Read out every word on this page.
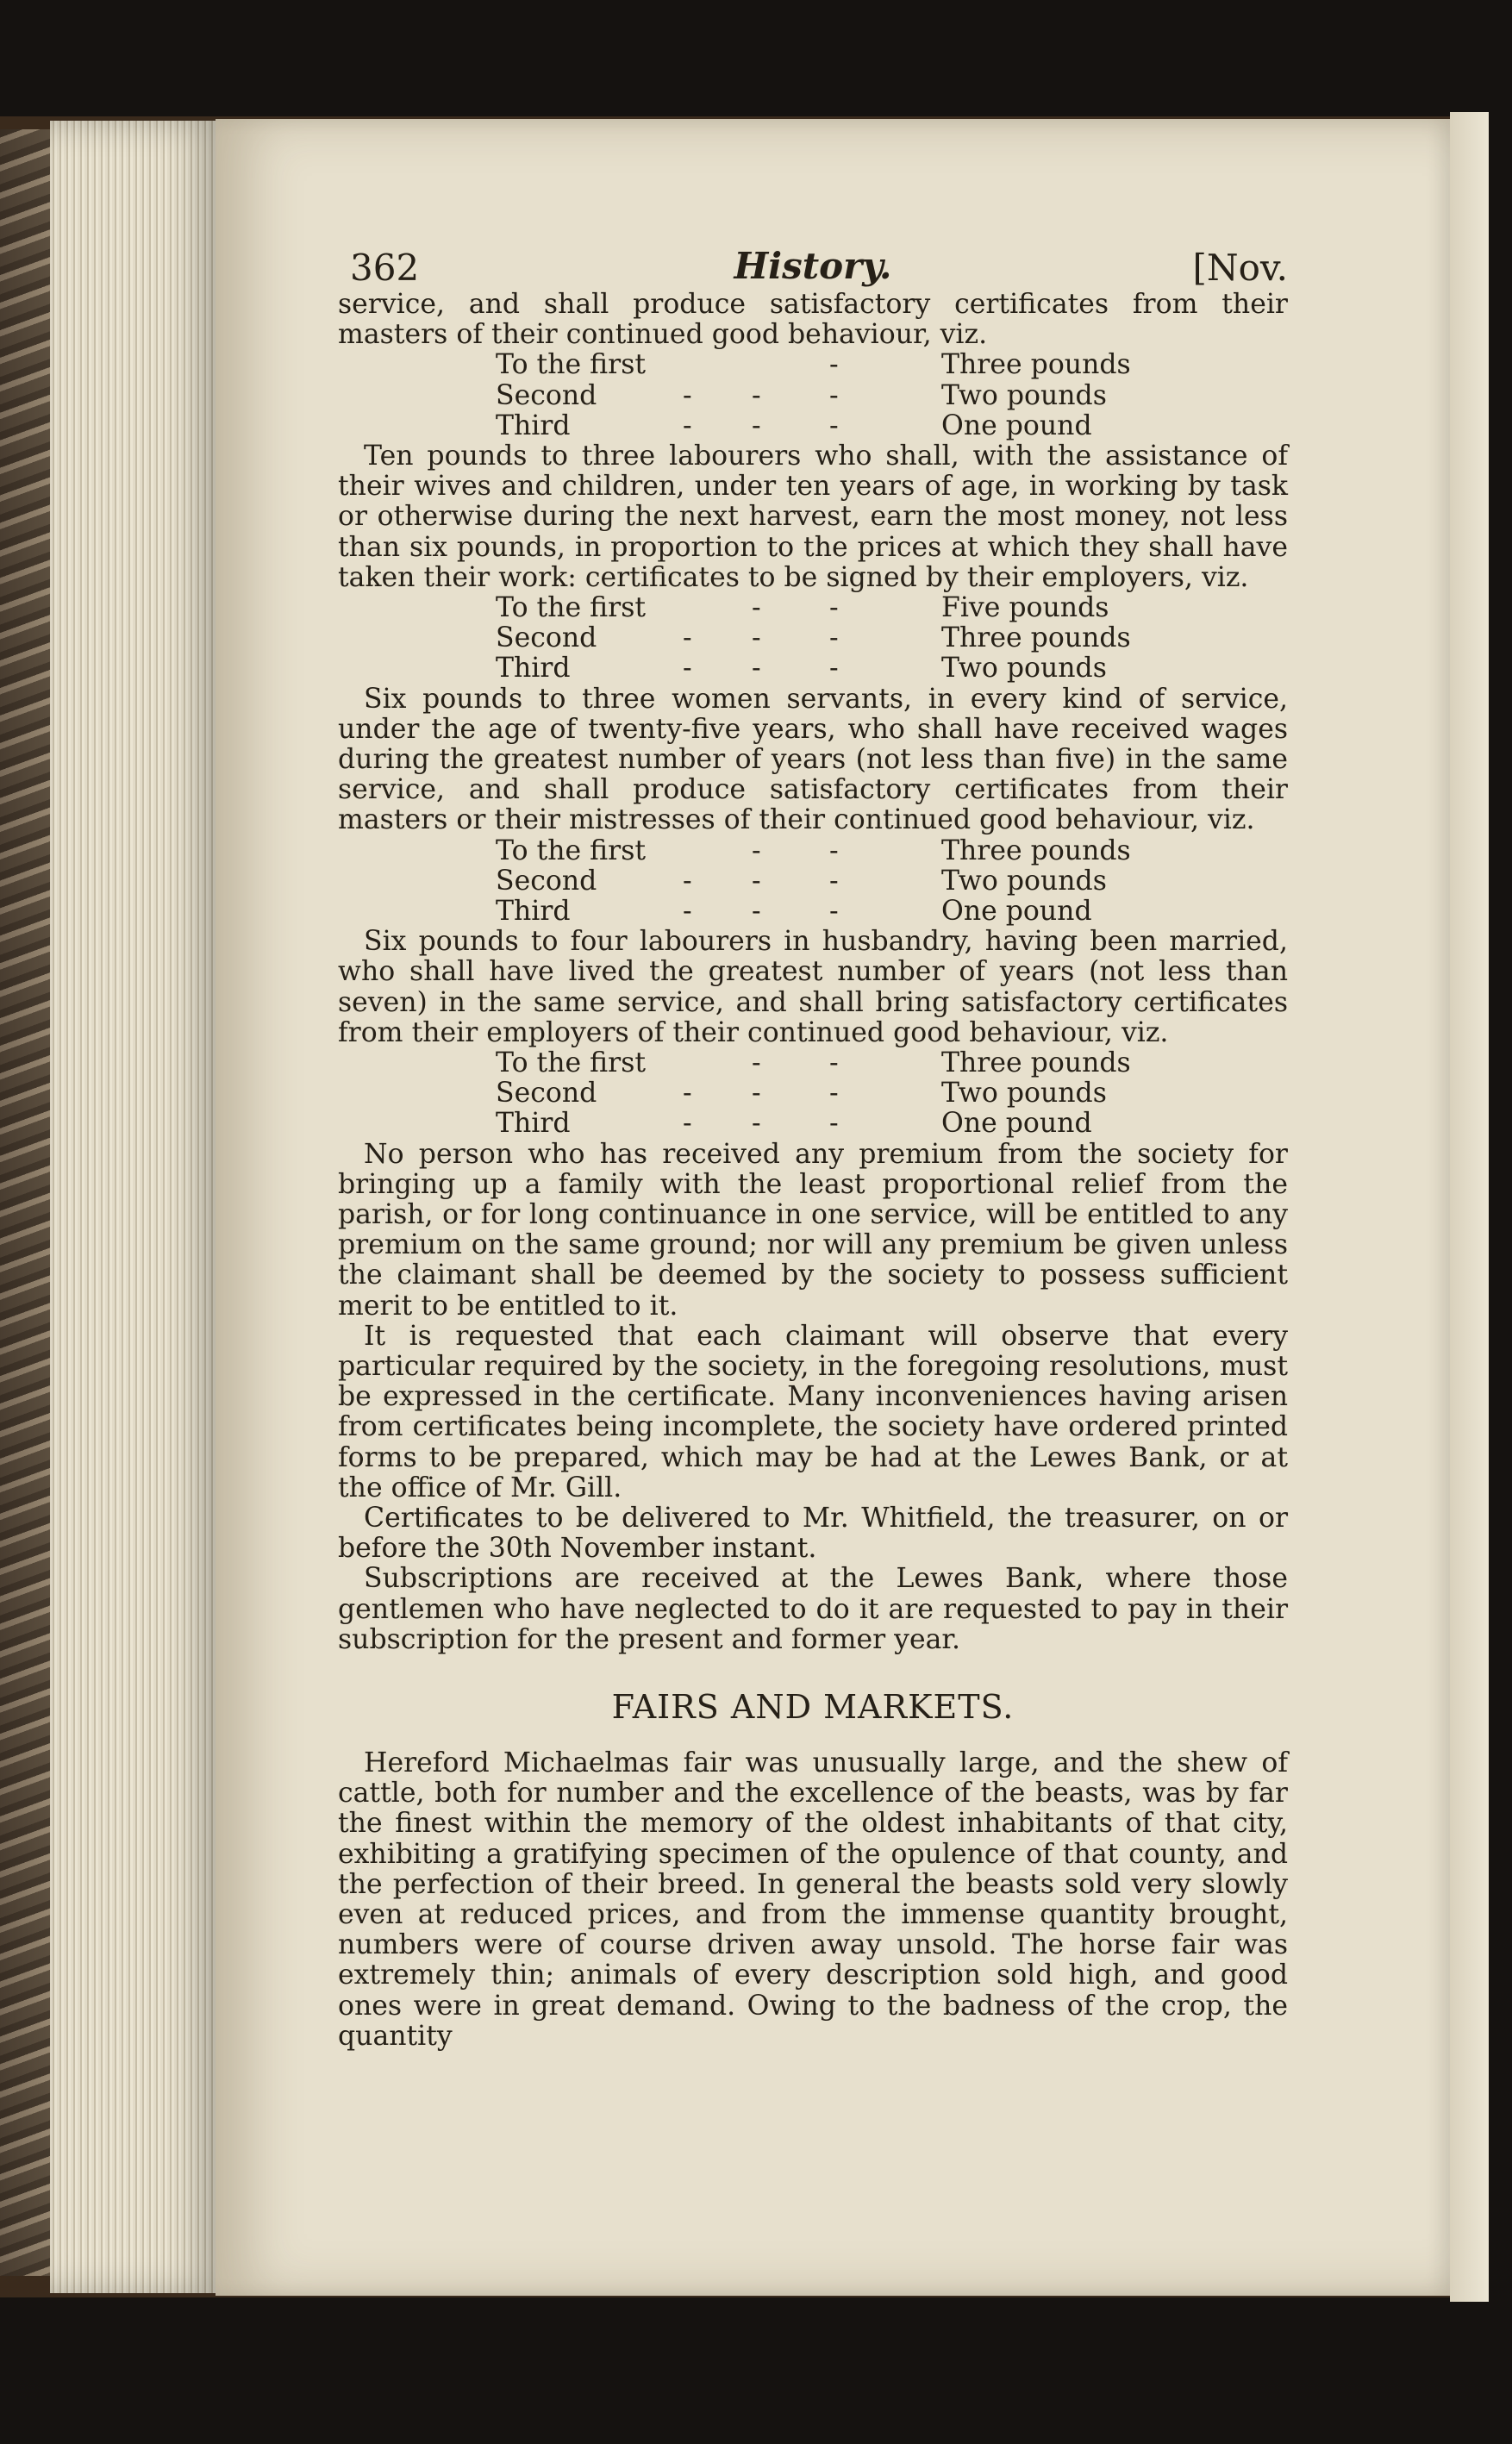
362	History.	[Nov.

service, and shall produce satisfactory certificates from their masters of their continued good behaviour, viz.

To the first	-	Three pounds
Second	- -	-	Two pounds
Third	- -	-	One pound

Ten pounds to three labourers who shall, with the assistance of their wives and children, under ten years of age, in working by task or otherwise during the next harvest, earn the most money, not less than six pounds, in proportion to the prices at which they shall have taken their work: certificates to be signed by their employers, viz.

To the first	-	-	Five pounds
Second	- -	-	Three pounds
Third	- -	-	Two pounds

Six pounds to three women servants, in every kind of service, under the age of twenty-five years, who shall have received wages during the greatest number of years (not less than five) in the same service, and shall produce satisfactory certificates from their masters or their mistresses of their continued good behaviour, viz.

To the first	-	-	Three pounds
Second	- -	-	Two pounds
Third	- -	-	One pound

Six pounds to four labourers in husbandry, having been married, who shall have lived the greatest number of years (not less than seven) in the same service, and shall bring satisfactory certificates from their employers of their continued good behaviour, viz.

To the first	-	-	Three pounds
Second	- -	-	Two pounds
Third	- -	-	One pound

No person who has received any premium from the society for bringing up a family with the least proportional relief from the parish, or for long continuance in one service, will be entitled to any premium on the same ground; nor will any premium be given unless the claimant shall be deemed by the society to possess sufficient merit to be entitled to it.

It is requested that each claimant will observe that every particular required by the society, in the foregoing resolutions, must be expressed in the certificate. Many inconveniences having arisen from certificates being incomplete, the society have ordered printed forms to be prepared, which may be had at the Lewes Bank, or at the office of Mr. Gill.

Certificates to be delivered to Mr. Whitfield, the treasurer, on or before the 30th November instant.

Subscriptions are received at the Lewes Bank, where those gentlemen who have neglected to do it are requested to pay in their subscription for the present and former year.

FAIRS AND MARKETS.

Hereford Michaelmas fair was unusually large, and the shew of cattle, both for number and the excellence of the beasts, was by far the finest within the memory of the oldest inhabitants of that city, exhibiting a gratifying specimen of the opulence of that county, and the perfection of their breed. In general the beasts sold very slowly even at reduced prices, and from the immense quantity brought, numbers were of course driven away unsold. The horse fair was extremely thin; animals of every description sold high, and good ones were in great demand. Owing to the badness of the crop, the quantity
